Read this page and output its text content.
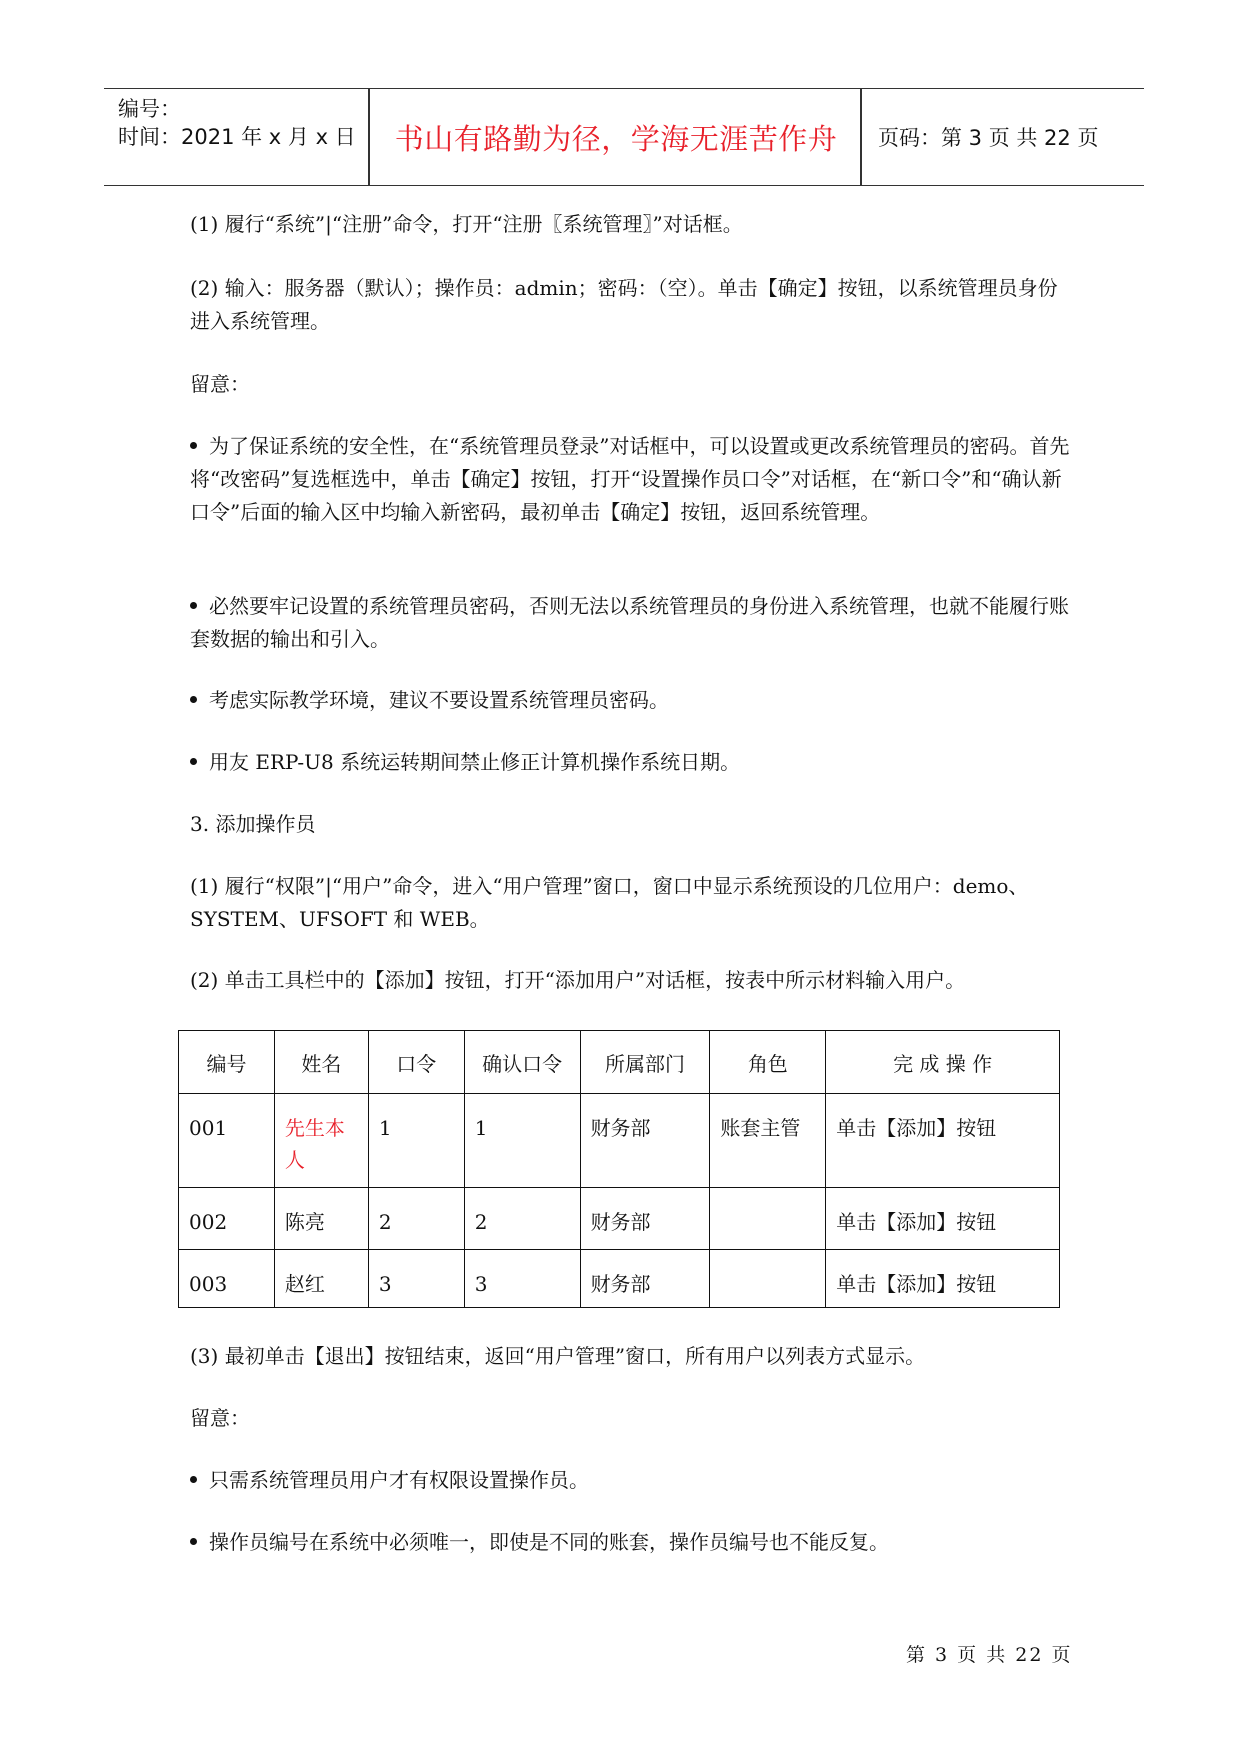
编号：
时间：2021 年 x 月 x 日	书山有路勤为径，学海无涯苦作舟	页码：第 3 页 共 22 页
(1) 履行“系统”|“注册”命令，打开“注册〖系统管理〗”对话框。
(2) 输入：服务器（默认）；操作员：admin；密码：（空）。单击【确定】按钮，以系统管理员身份进入系统管理。
留意：
为了保证系统的安全性，在“系统管理员登录”对话框中，可以设置或更改系统管理员的密码。首先将“改密码”复选框选中，单击【确定】按钮，打开“设置操作员口令”对话框，在“新口令”和“确认新口令”后面的输入区中均输入新密码，最初单击【确定】按钮，返回系统管理。
必然要牢记设置的系统管理员密码，否则无法以系统管理员的身份进入系统管理，也就不能履行账套数据的输出和引入。
考虑实际教学环境，建议不要设置系统管理员密码。
用友 ERP-U8 系统运转期间禁止修正计算机操作系统日期。
3. 添加操作员
(1) 履行“权限”|“用户”命令，进入“用户管理”窗口，窗口中显示系统预设的几位用户：demo、SYSTEM、UFSOFT 和 WEB。
(2) 单击工具栏中的【添加】按钮，打开“添加用户”对话框，按表中所示材料输入用户。
编号	姓名	口令	确认口令	所属部门	角色	完 成 操 作
001	先生本人	1	1	财务部	账套主管	单击【添加】按钮
002	陈亮	2	2	财务部		单击【添加】按钮
003	赵红	3	3	财务部		单击【添加】按钮
(3) 最初单击【退出】按钮结束，返回“用户管理”窗口，所有用户以列表方式显示。
留意：
只需系统管理员用户才有权限设置操作员。
操作员编号在系统中必须唯一，即使是不同的账套，操作员编号也不能反复。
第 3 页 共 22 页
